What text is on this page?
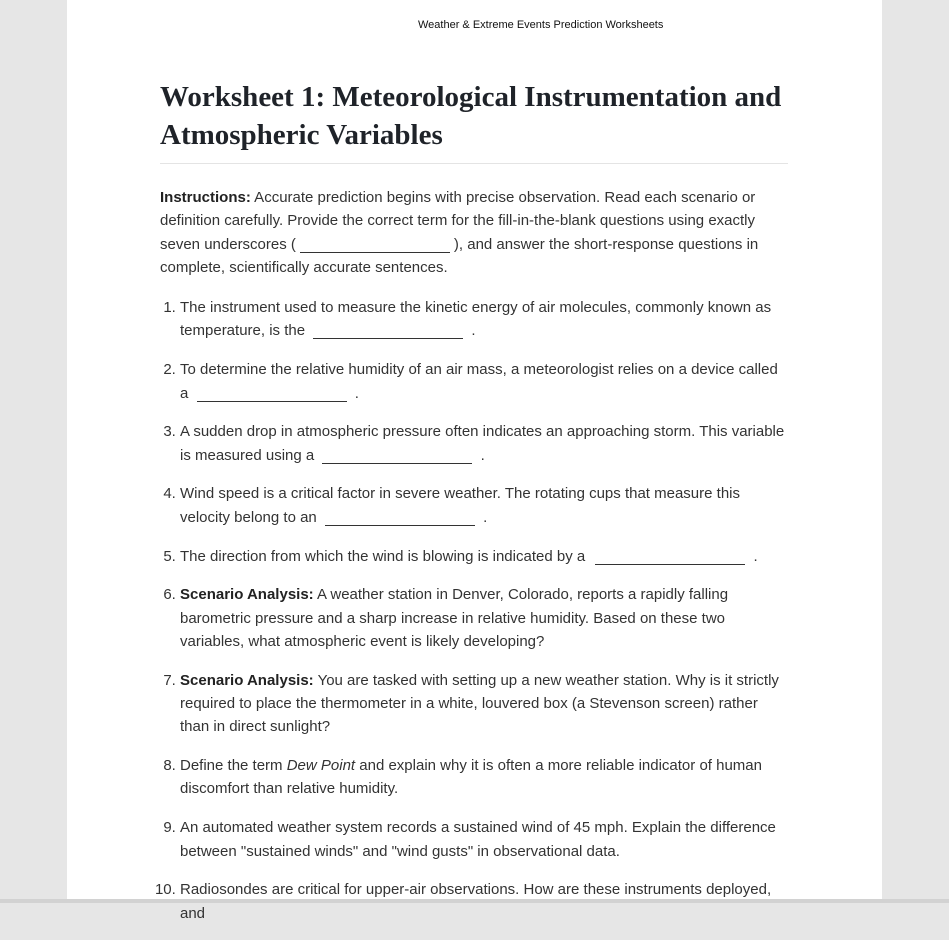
Weather & Extreme Events Prediction Worksheets
Worksheet 1: Meteorological Instrumentation and Atmospheric Variables

Instructions: Accurate prediction begins with precise observation. Read each scenario or definition carefully. Provide the correct term for the fill-in-the-blank questions using exactly seven underscores (	), and answer the short-response questions in complete, scientifically accurate sentences.

1. The instrument used to measure the kinetic energy of air molecules, commonly known as temperature, is the	.
2. To determine the relative humidity of an air mass, a meteorologist relies on a device called a	.
3. A sudden drop in atmospheric pressure often indicates an approaching storm. This variable is measured using a	.
4. Wind speed is a critical factor in severe weather. The rotating cups that measure this velocity belong to an	.
5. The direction from which the wind is blowing is indicated by a	.
6. Scenario Analysis: A weather station in Denver, Colorado, reports a rapidly falling barometric pressure and a sharp increase in relative humidity. Based on these two variables, what atmospheric event is likely developing?
7. Scenario Analysis: You are tasked with setting up a new weather station. Why is it strictly required to place the thermometer in a white, louvered box (a Stevenson screen) rather than in direct sunlight?
8. Define the term Dew Point and explain why it is often a more reliable indicator of human discomfort than relative humidity.
9. An automated weather system records a sustained wind of 45 mph. Explain the difference between "sustained winds" and "wind gusts" in observational data.
10. Radiosondes are critical for upper-air observations. How are these instruments deployed, and
